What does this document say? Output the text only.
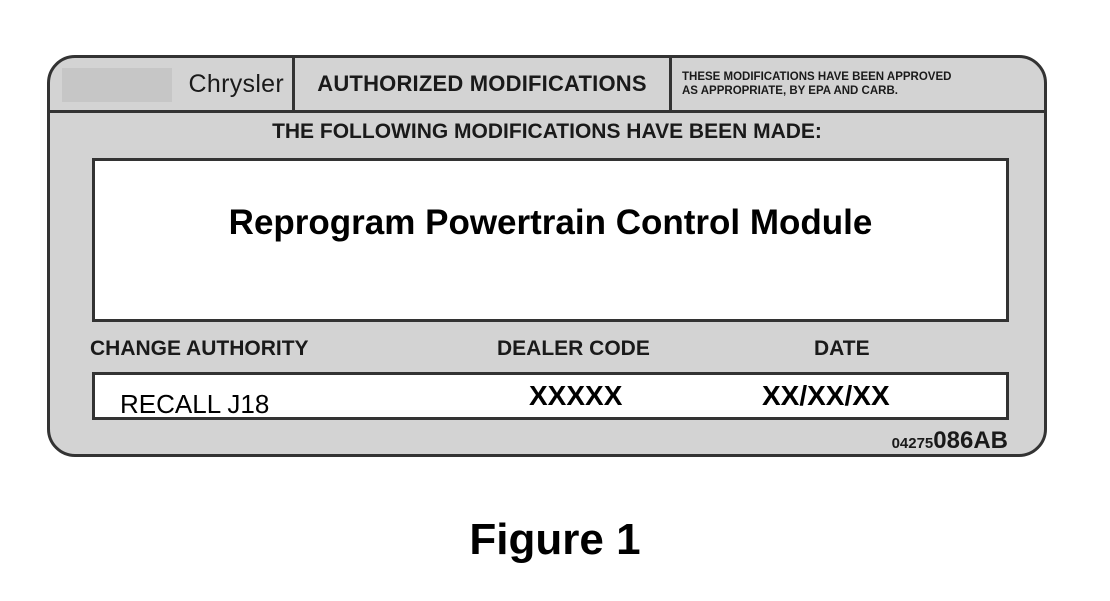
Chrysler AUTHORIZED MODIFICATIONS	THESE MODIFICATIONS HAVE BEEN APPROVED
AS APPROPRIATE, BY EPA AND CARB.
THE FOLLOWING MODIFICATIONS HAVE BEEN MADE:
Reprogram Powertrain Control Module
CHANGE AUTHORITY	DEALER CODE	DATE
RECALL J18	XXXXX	XX/XX/XX
04275086AB
Figure 1
